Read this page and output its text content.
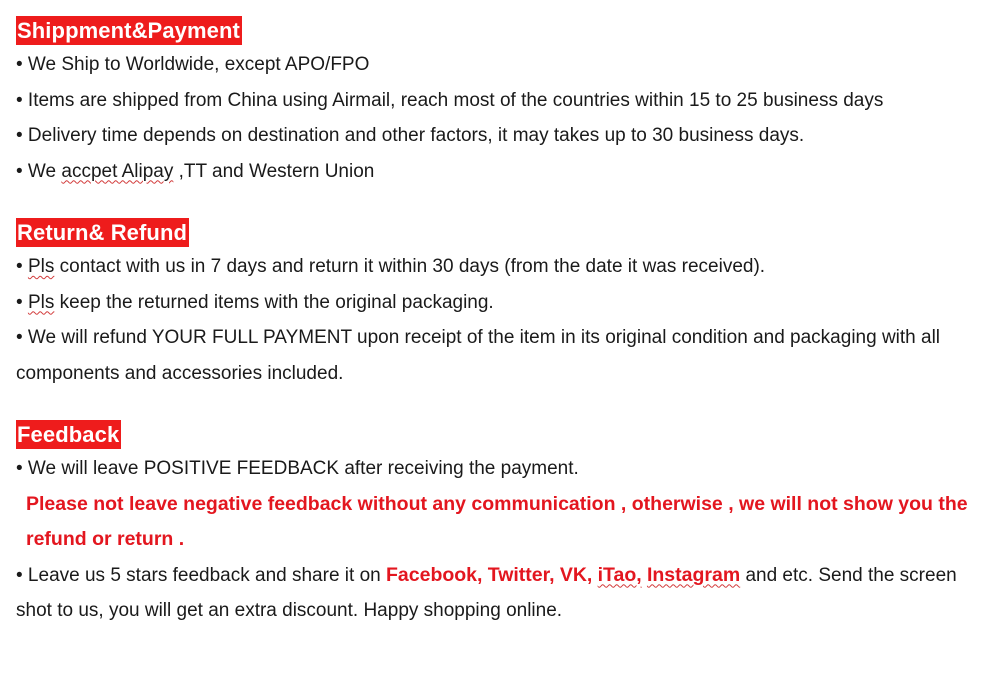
Shippment&Payment
• We Ship to Worldwide, except APO/FPO
• Items are shipped from China using Airmail, reach most of the countries within 15 to 25 business days
• Delivery time depends on destination and other factors, it may takes up to 30 business days.
• We accpet Alipay ,TT and Western Union
Return& Refund
• Pls contact with us in 7 days and return it within 30 days (from the date it was received).
• Pls keep the returned items with the original packaging.
• We will refund YOUR FULL PAYMENT upon receipt of the item in its original condition and packaging with all components and accessories included.
Feedback
• We will leave POSITIVE FEEDBACK after receiving the payment.
Please not leave negative feedback without any communication , otherwise , we will not show you the refund or return .
• Leave us 5 stars feedback and share it on Facebook, Twitter, VK, iTao, Instagram and etc. Send the screen shot to us, you will get an extra discount. Happy shopping online.
